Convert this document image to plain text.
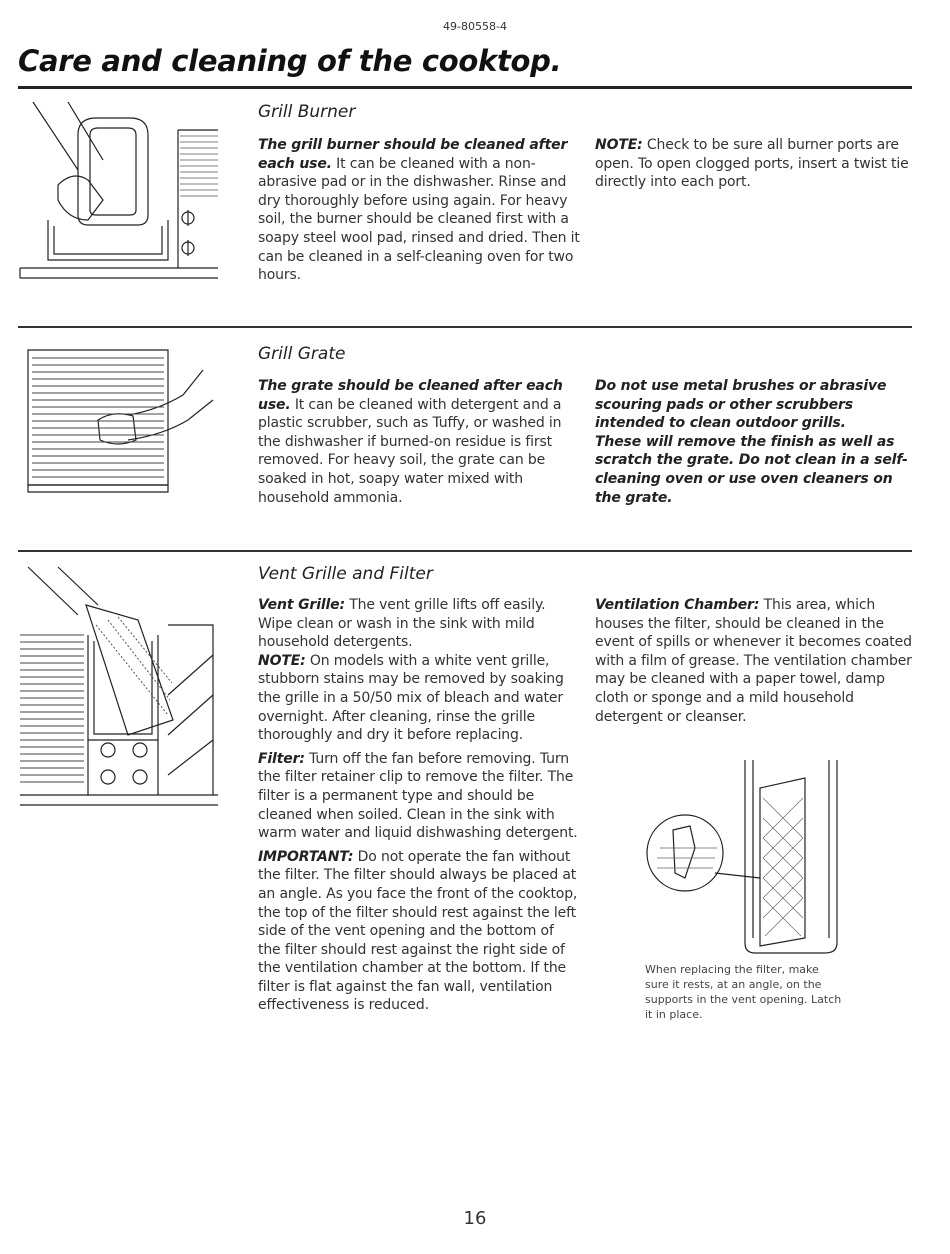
49-80558-4
Care and cleaning of the cooktop.
Grill Burner

The grill burner should be cleaned after each use. It can be cleaned with a non-abrasive pad or in the dishwasher. Rinse and dry thoroughly before using again. For heavy soil, the burner should be cleaned first with a soapy steel wool pad, rinsed and dried. Then it can be cleaned in a self-cleaning oven for two hours.

NOTE: Check to be sure all burner ports are open. To open clogged ports, insert a twist tie directly into each port.

Grill Grate

The grate should be cleaned after each use. It can be cleaned with detergent and a plastic scrubber, such as Tuffy, or washed in the dishwasher if burned-on residue is first removed. For heavy soil, the grate can be soaked in hot, soapy water mixed with household ammonia.

Do not use metal brushes or abrasive scouring pads or other scrubbers intended to clean outdoor grills.

These will remove the finish as well as scratch the grate. Do not clean in a self-cleaning oven or use oven cleaners on the grate.

Vent Grille and Filter

Vent Grille: The vent grille lifts off easily. Wipe clean or wash in the sink with mild household detergents.

NOTE: On models with a white vent grille, stubborn stains may be removed by soaking the grille in a 50/50 mix of bleach and water overnight. After cleaning, rinse the grille thoroughly and dry it before replacing.

Filter: Turn off the fan before removing. Turn the filter retainer clip to remove the filter. The filter is a permanent type and should be cleaned when soiled. Clean in the sink with warm water and liquid dishwashing detergent.

IMPORTANT: Do not operate the fan without the filter. The filter should always be placed at an angle. As you face the front of the cooktop, the top of the filter should rest against the left side of the vent opening and the bottom of the filter should rest against the right side of the ventilation chamber at the bottom. If the filter is flat against the fan wall, ventilation effectiveness is reduced.

Ventilation Chamber: This area, which houses the filter, should be cleaned in the event of spills or whenever it becomes coated with a film of grease. The ventilation chamber may be cleaned with a paper towel, damp cloth or sponge and a mild household detergent or cleanser.

When replacing the filter, make sure it rests, at an angle, on the supports in the vent opening. Latch it in place.
16
